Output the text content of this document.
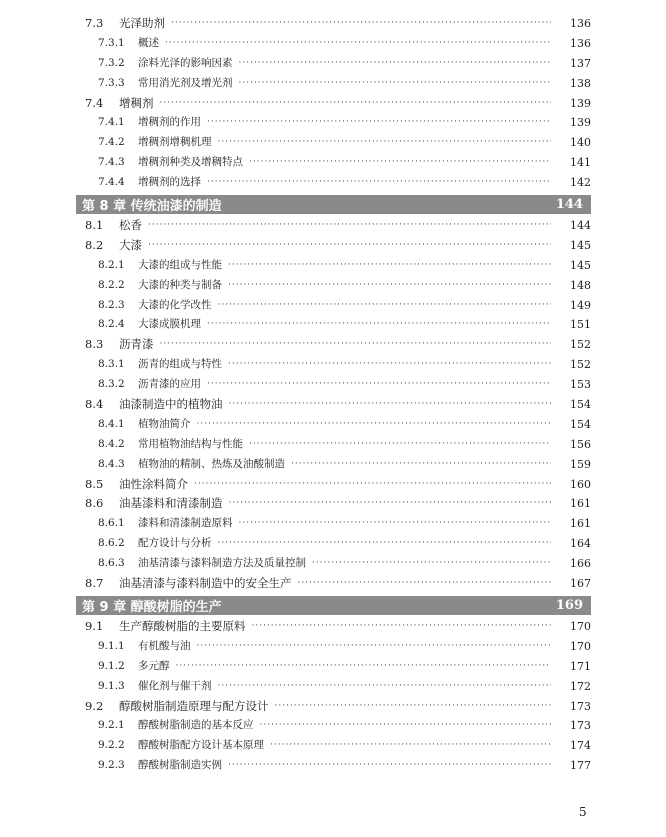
7.3	光泽助剂 ·····	136
7.3.1	概述 ·····	136
7.3.2	涂料光泽的影响因素 ·····	137
7.3.3	常用消光剂及增光剂 ·····	138
7.4	增稠剂 ·····	139
7.4.1	增稠剂的作用 ·····	139
7.4.2	增稠剂增稠机理 ·····	140
7.4.3	增稠剂种类及增稠特点 ·····	141
7.4.4	增稠剂的选择 ·····	142
第 8 章 传统油漆的制造	144
8.1	松香 ·····	144
8.2	大漆 ·····	145
8.2.1	大漆的组成与性能 ·····	145
8.2.2	大漆的种类与制备 ·····	148
8.2.3	大漆的化学改性 ·····	149
8.2.4	大漆成膜机理 ·····	151
8.3	沥青漆 ·····	152
8.3.1	沥青的组成与特性 ·····	152
8.3.2	沥青漆的应用 ·····	153
8.4	油漆制造中的植物油 ·····	154
8.4.1	植物油简介 ·····	154
8.4.2	常用植物油结构与性能 ·····	156
8.4.3	植物油的精制、热炼及油酸制造 ·····	159
8.5	油性涂料简介 ·····	160
8.6	油基漆料和清漆制造 ·····	161
8.6.1	漆料和清漆制造原料 ·····	161
8.6.2	配方设计与分析 ·····	164
8.6.3	油基清漆与漆料制造方法及质量控制 ·····	166
8.7	油基清漆与漆料制造中的安全生产 ·····	167
第 9 章 醇酸树脂的生产	169
9.1	生产醇酸树脂的主要原料 ·····	170
9.1.1	有机酸与油 ·····	170
9.1.2	多元醇 ·····	171
9.1.3	催化剂与催干剂 ·····	172
9.2	醇酸树脂制造原理与配方设计 ·····	173
9.2.1	醇酸树脂制造的基本反应 ·····	173
9.2.2	醇酸树脂配方设计基本原理 ·····	174
9.2.3	醇酸树脂制造实例 ·····	177
5
